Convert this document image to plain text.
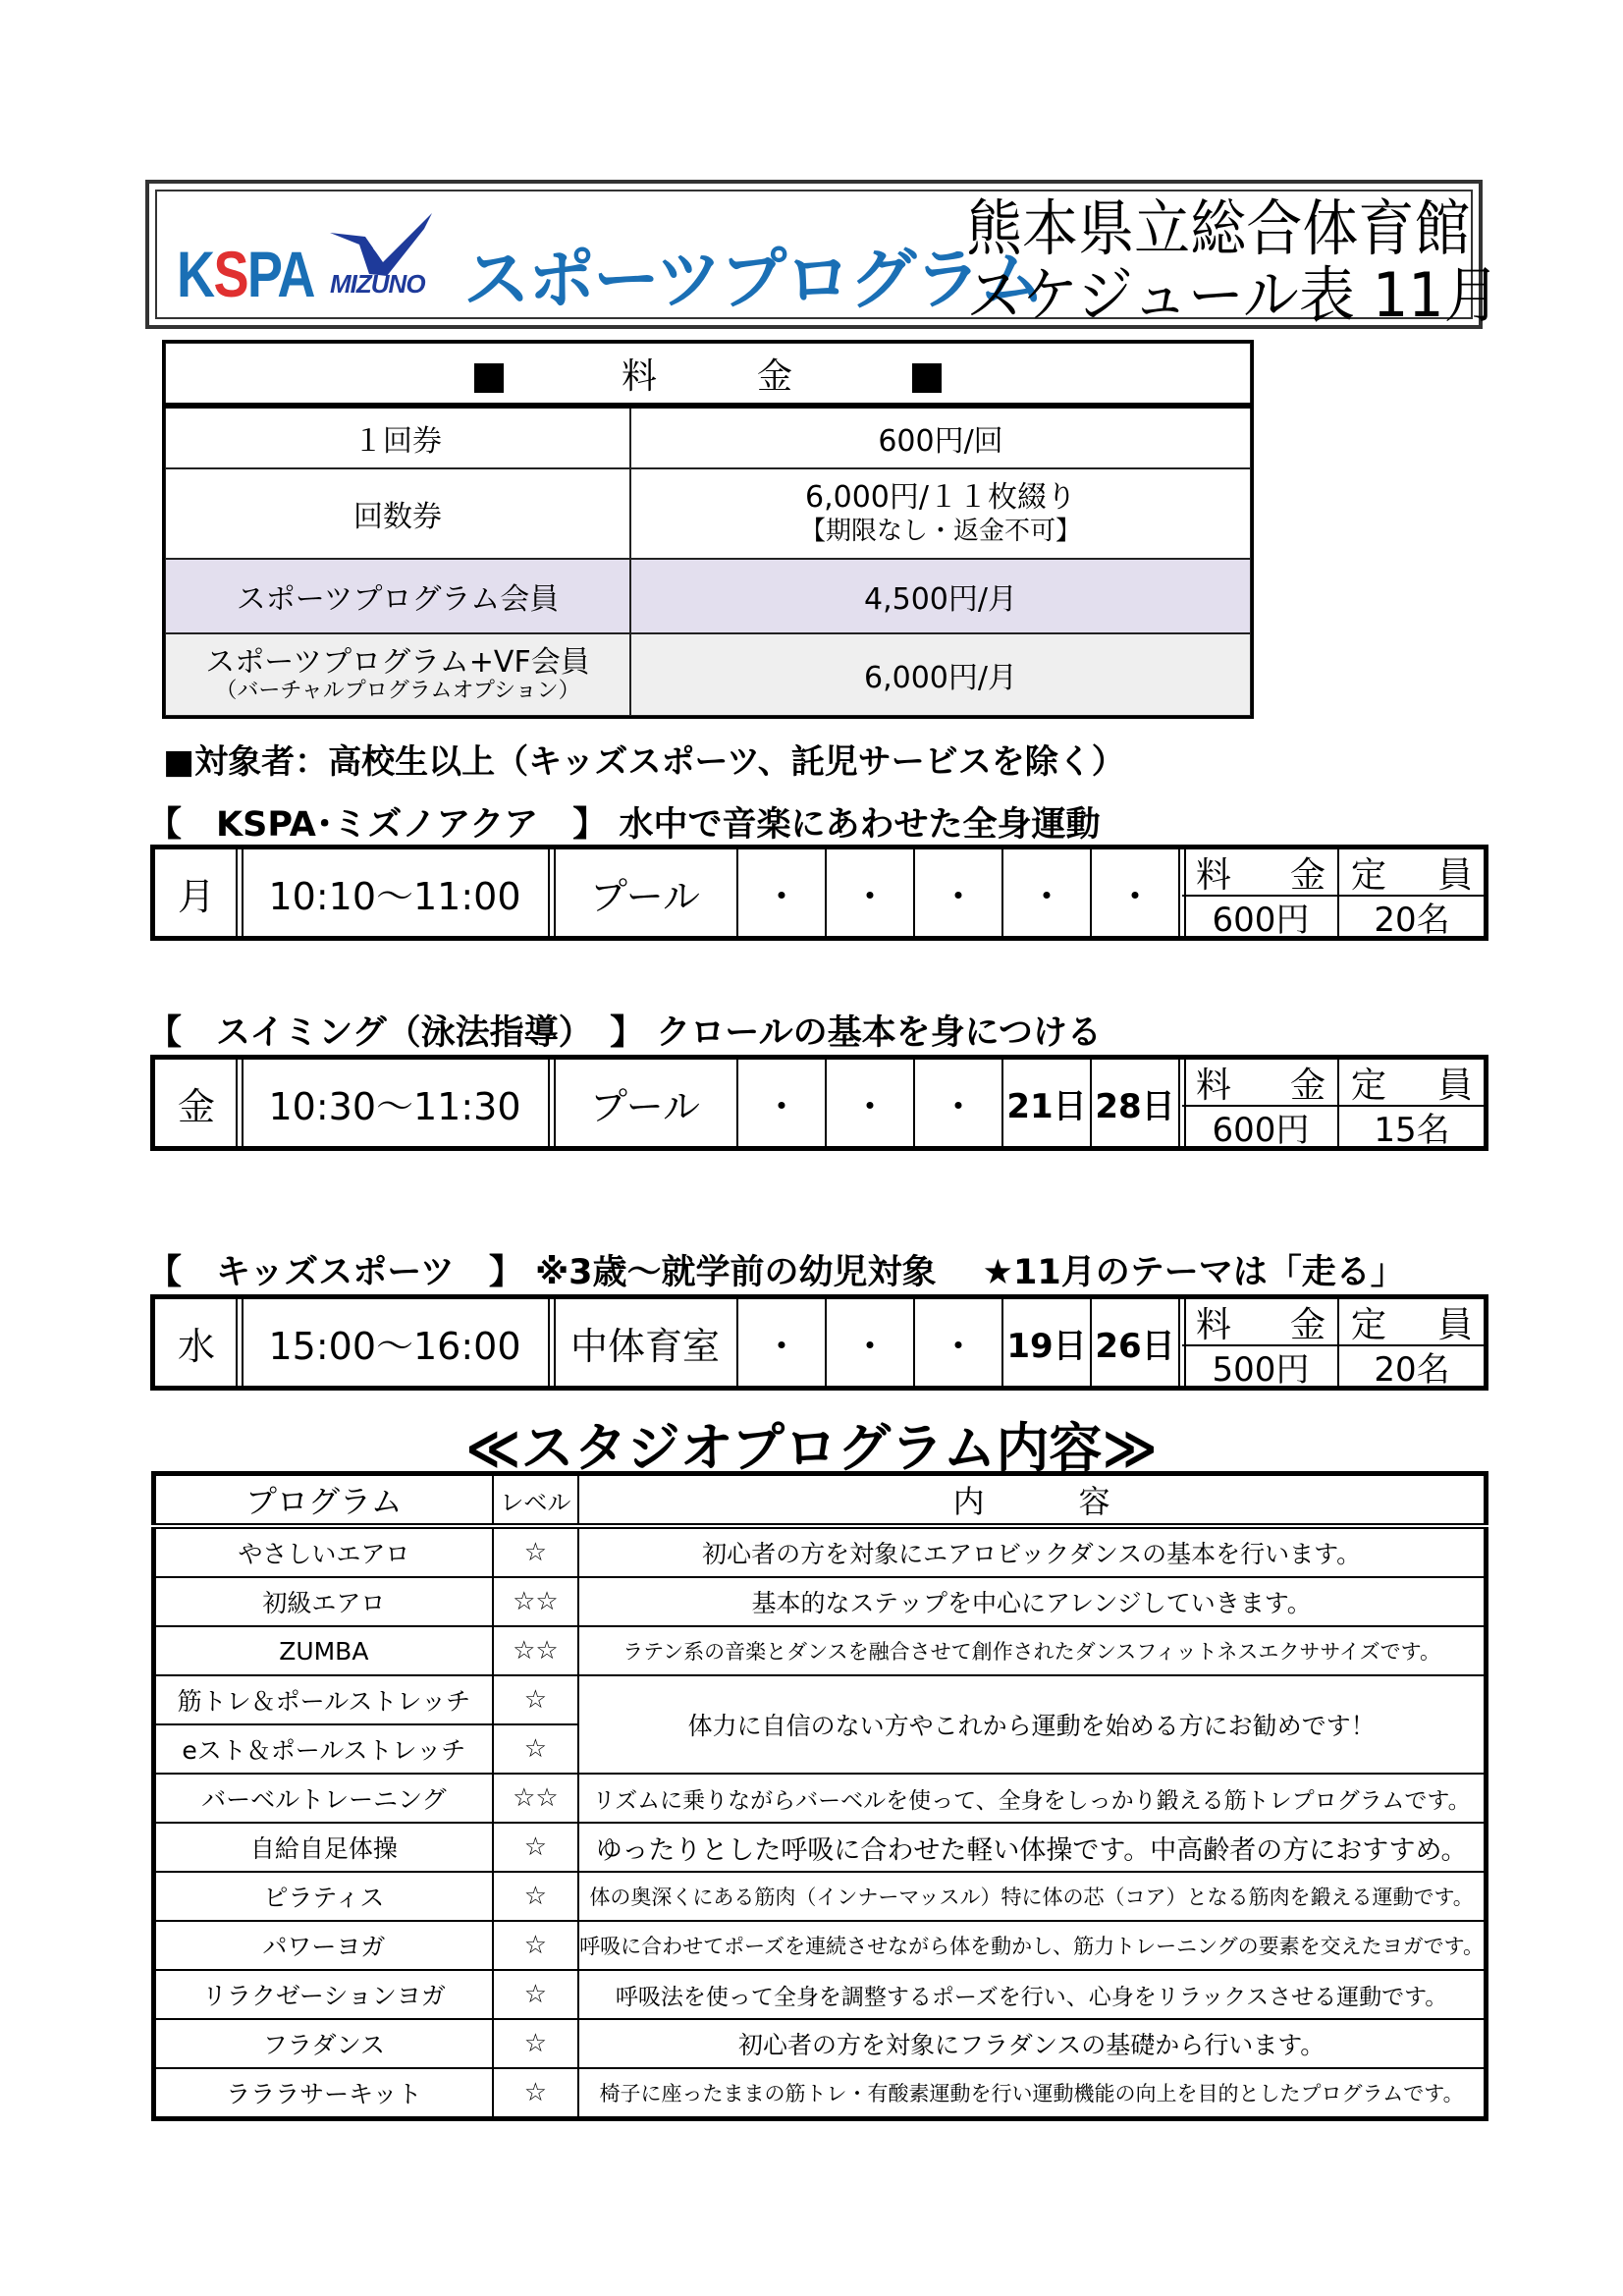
KSPA MIZUNO スポーツプログラム
熊本県立総合体育館
スケジュール表 11月
料 金	
１回券	600円/回
回数券	6,000円/１１枚綴り
【期限なし・返金不可】

スポーツプログラム会員	4,500円/月

スポーツプログラム+VF会員
（バーチャルプログラムオプション）	6,000円/月
■対象者：高校生以上（キッズスポーツ、託児サービスを除く）
【　KSPA･ミズノアクア　】 水中で音楽にあわせた全身運動
月	10:10～11:00	プール	・	・	・	・	・	料 金 定 員
600円	20名
【　スイミング（泳法指導）　】 クロールの基本を身につける
金	10:30～11:30	プール	・	・	・ 21日 28日
料 金 定 員
600円	15名
【　キッズスポーツ　】 ※3歳～就学前の幼児対象　 ★11月のテーマは「走る」
水	15:00～16:00	中体育室	・	・	・ 19日 26日
料 金 定 員
500円	20名
≪スタジオプログラム内容≫
プログラム	レベル	内　　　容
やさしいエアロ	☆	初心者の方を対象にエアロビックダンスの基本を行います。
初級エアロ	☆☆	基本的なステップを中心にアレンジしていきます。
ZUMBA	☆☆	ラテン系の音楽とダンスを融合させて創作されたダンスフィットネスエクササイズです。
筋トレ＆ポールストレッチ	☆	体力に自信のない方やこれから運動を始める方にお勧めです！
eスト＆ポールストレッチ	☆	
バーベルトレーニング	☆☆	リズムに乗りながらバーベルを使って、全身をしっかり鍛える筋トレプログラムです。
自給自足体操	☆	ゆったりとした呼吸に合わせた軽い体操です。中高齢者の方におすすめ。
ピラティス	☆	体の奥深くにある筋肉（インナーマッスル）特に体の芯（コア）となる筋肉を鍛える運動です。
パワーヨガ	☆	呼吸に合わせてポーズを連続させながら体を動かし、筋力トレーニングの要素を交えたヨガです。
リラクゼーションヨガ	☆	呼吸法を使って全身を調整するポーズを行い、心身をリラックスさせる運動です。
フラダンス	☆	初心者の方を対象にフラダンスの基礎から行います。
ラララサーキット	☆	椅子に座ったままの筋トレ・有酸素運動を行い運動機能の向上を目的としたプログラムです。
